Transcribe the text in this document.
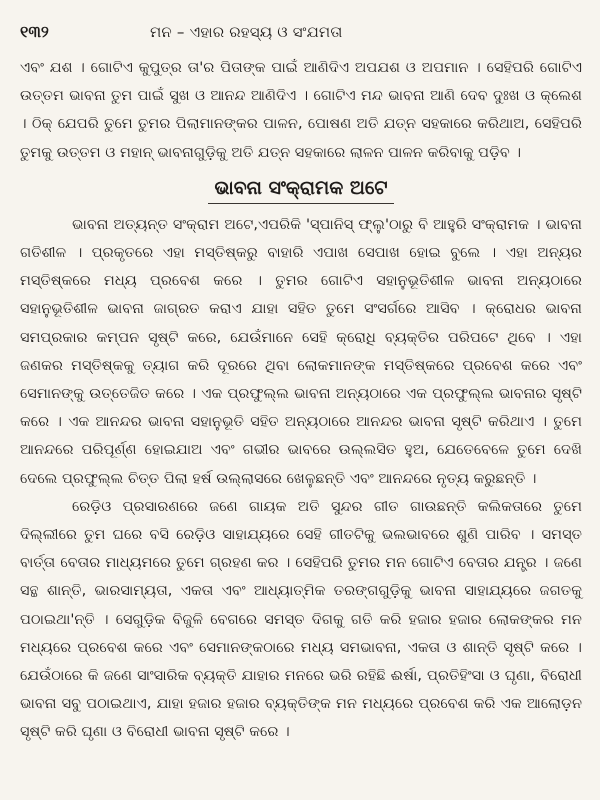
୧୩୨	ମନ – ଏହାର ରହସ୍ୟ ଓ ସଂଯମତା

ଏବଂ ଯଶ । ଗୋଟିଏ କୁପୁତ୍ର ତା'ର ପିତାଙ୍କ ପାଇଁ ଆଣିଦିଏ ଅପଯଶ ଓ ଅପମାନ । ସେହିପରି ଗୋଟିଏ ଉତ୍ତମ ଭାବନା ତୁମ ପାଇଁ ସୁଖ ଓ ଆନନ୍ଦ ଆଣିଦିଏ । ଗୋଟିଏ ମନ୍ଦ ଭାବନା ଆଣି ଦେବ ଦୁଃଖ ଓ କ୍ଲେଶ । ଠିକ୍ ଯେପରି ତୁମେ ତୁମର ପିଲାମାନଙ୍କର ପାଳନ, ପୋଷଣ ଅତି ଯତ୍ନ ସହକାରେ କରିଥାଅ, ସେହିପରି ତୁମକୁ ଉତ୍ତମ ଓ ମହାନ୍ ଭାବନାଗୁଡ଼ିକୁ ଅତି ଯତ୍ନ ସହକାରେ ଲାଳନ ପାଳନ କରିବାକୁ ପଡ଼ିବ ।

ଭାବନା ସଂକ୍ରାମକ ଅଟେ

ଭାବନା ଅତ୍ୟନ୍ତ ସଂକ୍ରାମ ଅଟେ,ଏପରିକି 'ସ୍ପାନିସ୍ ଫ୍ଲୁ'ଠାରୁ ବି ଆହୁରି ସଂକ୍ରାମକ । ଭାବନା ଗତିଶୀଳ । ପ୍ରକୃତରେ ଏହା ମସ୍ତିଷ୍କରୁ ବାହାରି ଏପାଖ ସେପାଖ ହୋଇ ବୁଲେ । ଏହା ଅନ୍ୟର ମସ୍ତିଷ୍କରେ ମଧ୍ୟ ପ୍ରବେଶ କରେ । ତୁମର ଗୋଟିଏ ସହାନୁଭୂତିଶୀଳ ଭାବନା ଅନ୍ୟଠାରେ ସହାନୁଭୂତିଶୀଳ ଭାବନା ଜାଗ୍ରତ କରାଏ ଯାହା ସହିତ ତୁମେ ସଂସର୍ଗରେ ଆସିବ । କ୍ରୋଧର ଭାବନା ସମପ୍ରକାର କମ୍ପନ ସୃଷ୍ଟି କରେ, ଯେଉଁମାନେ ସେହି କ୍ରୋଧି ବ୍ୟକ୍ତିର ପରିପଟେ ଥିବେ । ଏହା ଜଣକର ମସ୍ତିଷ୍କକୁ ତ୍ୟାଗ କରି ଦୂରରେ ଥିବା ଲୋକମାନଙ୍କ ମସ୍ତିଷ୍କରେ ପ୍ରବେଶ କରେ ଏବଂ ସେମାନଙ୍କୁ ଉତ୍ତେଜିତ କରେ । ଏକ ପ୍ରଫୁଲ୍ଲ ଭାବନା ଅନ୍ୟଠାରେ ଏକ ପ୍ରଫୁଲ୍ଲ ଭାବନାର ସୃଷ୍ଟି କରେ । ଏକ ଆନନ୍ଦର ଭାବନା ସହାନୁଭୂତି ସହିତ ଅନ୍ୟଠାରେ ଆନନ୍ଦର ଭାବନା ସୃଷ୍ଟି କରିଥାଏ । ତୁମେ ଆନନ୍ଦରେ ପରିପୂର୍ଣ୍ଣ ହୋଇଯାଅ ଏବଂ ଗଭୀର ଭାବରେ ଉଲ୍ଲସିତ ହୁଅ, ଯେତେବେଳେ ତୁମେ ଦେଖି ଦେଲେ ପ୍ରଫୁଲ୍ଲ ଚିତ୍ତ ପିଲା ହର୍ଷ ଉଲ୍ଲାସରେ ଖେଳୁଛନ୍ତି ଏବଂ ଆନନ୍ଦରେ ନୃତ୍ୟ କରୁଛନ୍ତି ।

ରେଡ଼ିଓ ପ୍ରସାରଣରେ ଜଣେ ଗାୟକ ଅତି ସୁନ୍ଦର ଗୀତ ଗାଉଛନ୍ତି କଲିକତାରେ ତୁମେ ଦିଲ୍ଲୀରେ ତୁମ ଘରେ ବସି ରେଡ଼ିଓ ସାହାଯ୍ୟରେ ସେହି ଗୀତଟିକୁ ଭଲଭାବରେ ଶୁଣି ପାରିବ । ସମସ୍ତ ବାର୍ତ୍ତା ବେତାର ମାଧ୍ୟମରେ ତୁମେ ଗ୍ରହଣ କର । ସେହିପରି ତୁମର ମନ ଗୋଟିଏ ବେତାର ଯନ୍ତ୍ର । ଜଣେ ସନ୍ଥ ଶାନ୍ତି, ଭାରସାମ୍ୟତା, ଏକତା ଏବଂ ଆଧ୍ୟାତ୍ମିକ ତରଙ୍ଗଗୁଡ଼ିକୁ ଭାବନା ସାହାଯ୍ୟରେ ଜଗତକୁ ପଠାଇଥା'ନ୍ତି । ସେଗୁଡ଼ିକ ବିଜୁଳି ବେଗରେ ସମସ୍ତ ଦିଗକୁ ଗତି କରି ହଜାର ହଜାର ଲୋକଙ୍କର ମନ ମଧ୍ୟରେ ପ୍ରବେଶ କରେ ଏବଂ ସେମାନଙ୍କଠାରେ ମଧ୍ୟ ସମଭାବନା, ଏକତା ଓ ଶାନ୍ତି ସୃଷ୍ଟି କରେ । ଯେଉଁଠାରେ କି ଜଣେ ସାଂସାରିକ ବ୍ୟକ୍ତି ଯାହାର ମନରେ ଭରି ରହିଛି ଈର୍ଷା, ପ୍ରତିହିଂସା ଓ ଘୃଣା, ବିରୋଧୀ ଭାବନା ସବୁ ପଠାଇଥାଏ, ଯାହା ହଜାର ହଜାର ବ୍ୟକ୍ତିଙ୍କ ମନ ମଧ୍ୟରେ ପ୍ରବେଶ କରି ଏକ ଆଲୋଡ଼ନ ସୃଷ୍ଟି କରି ଘୃଣା ଓ ବିରୋଧୀ ଭାବନା ସୃଷ୍ଟି କରେ ।
